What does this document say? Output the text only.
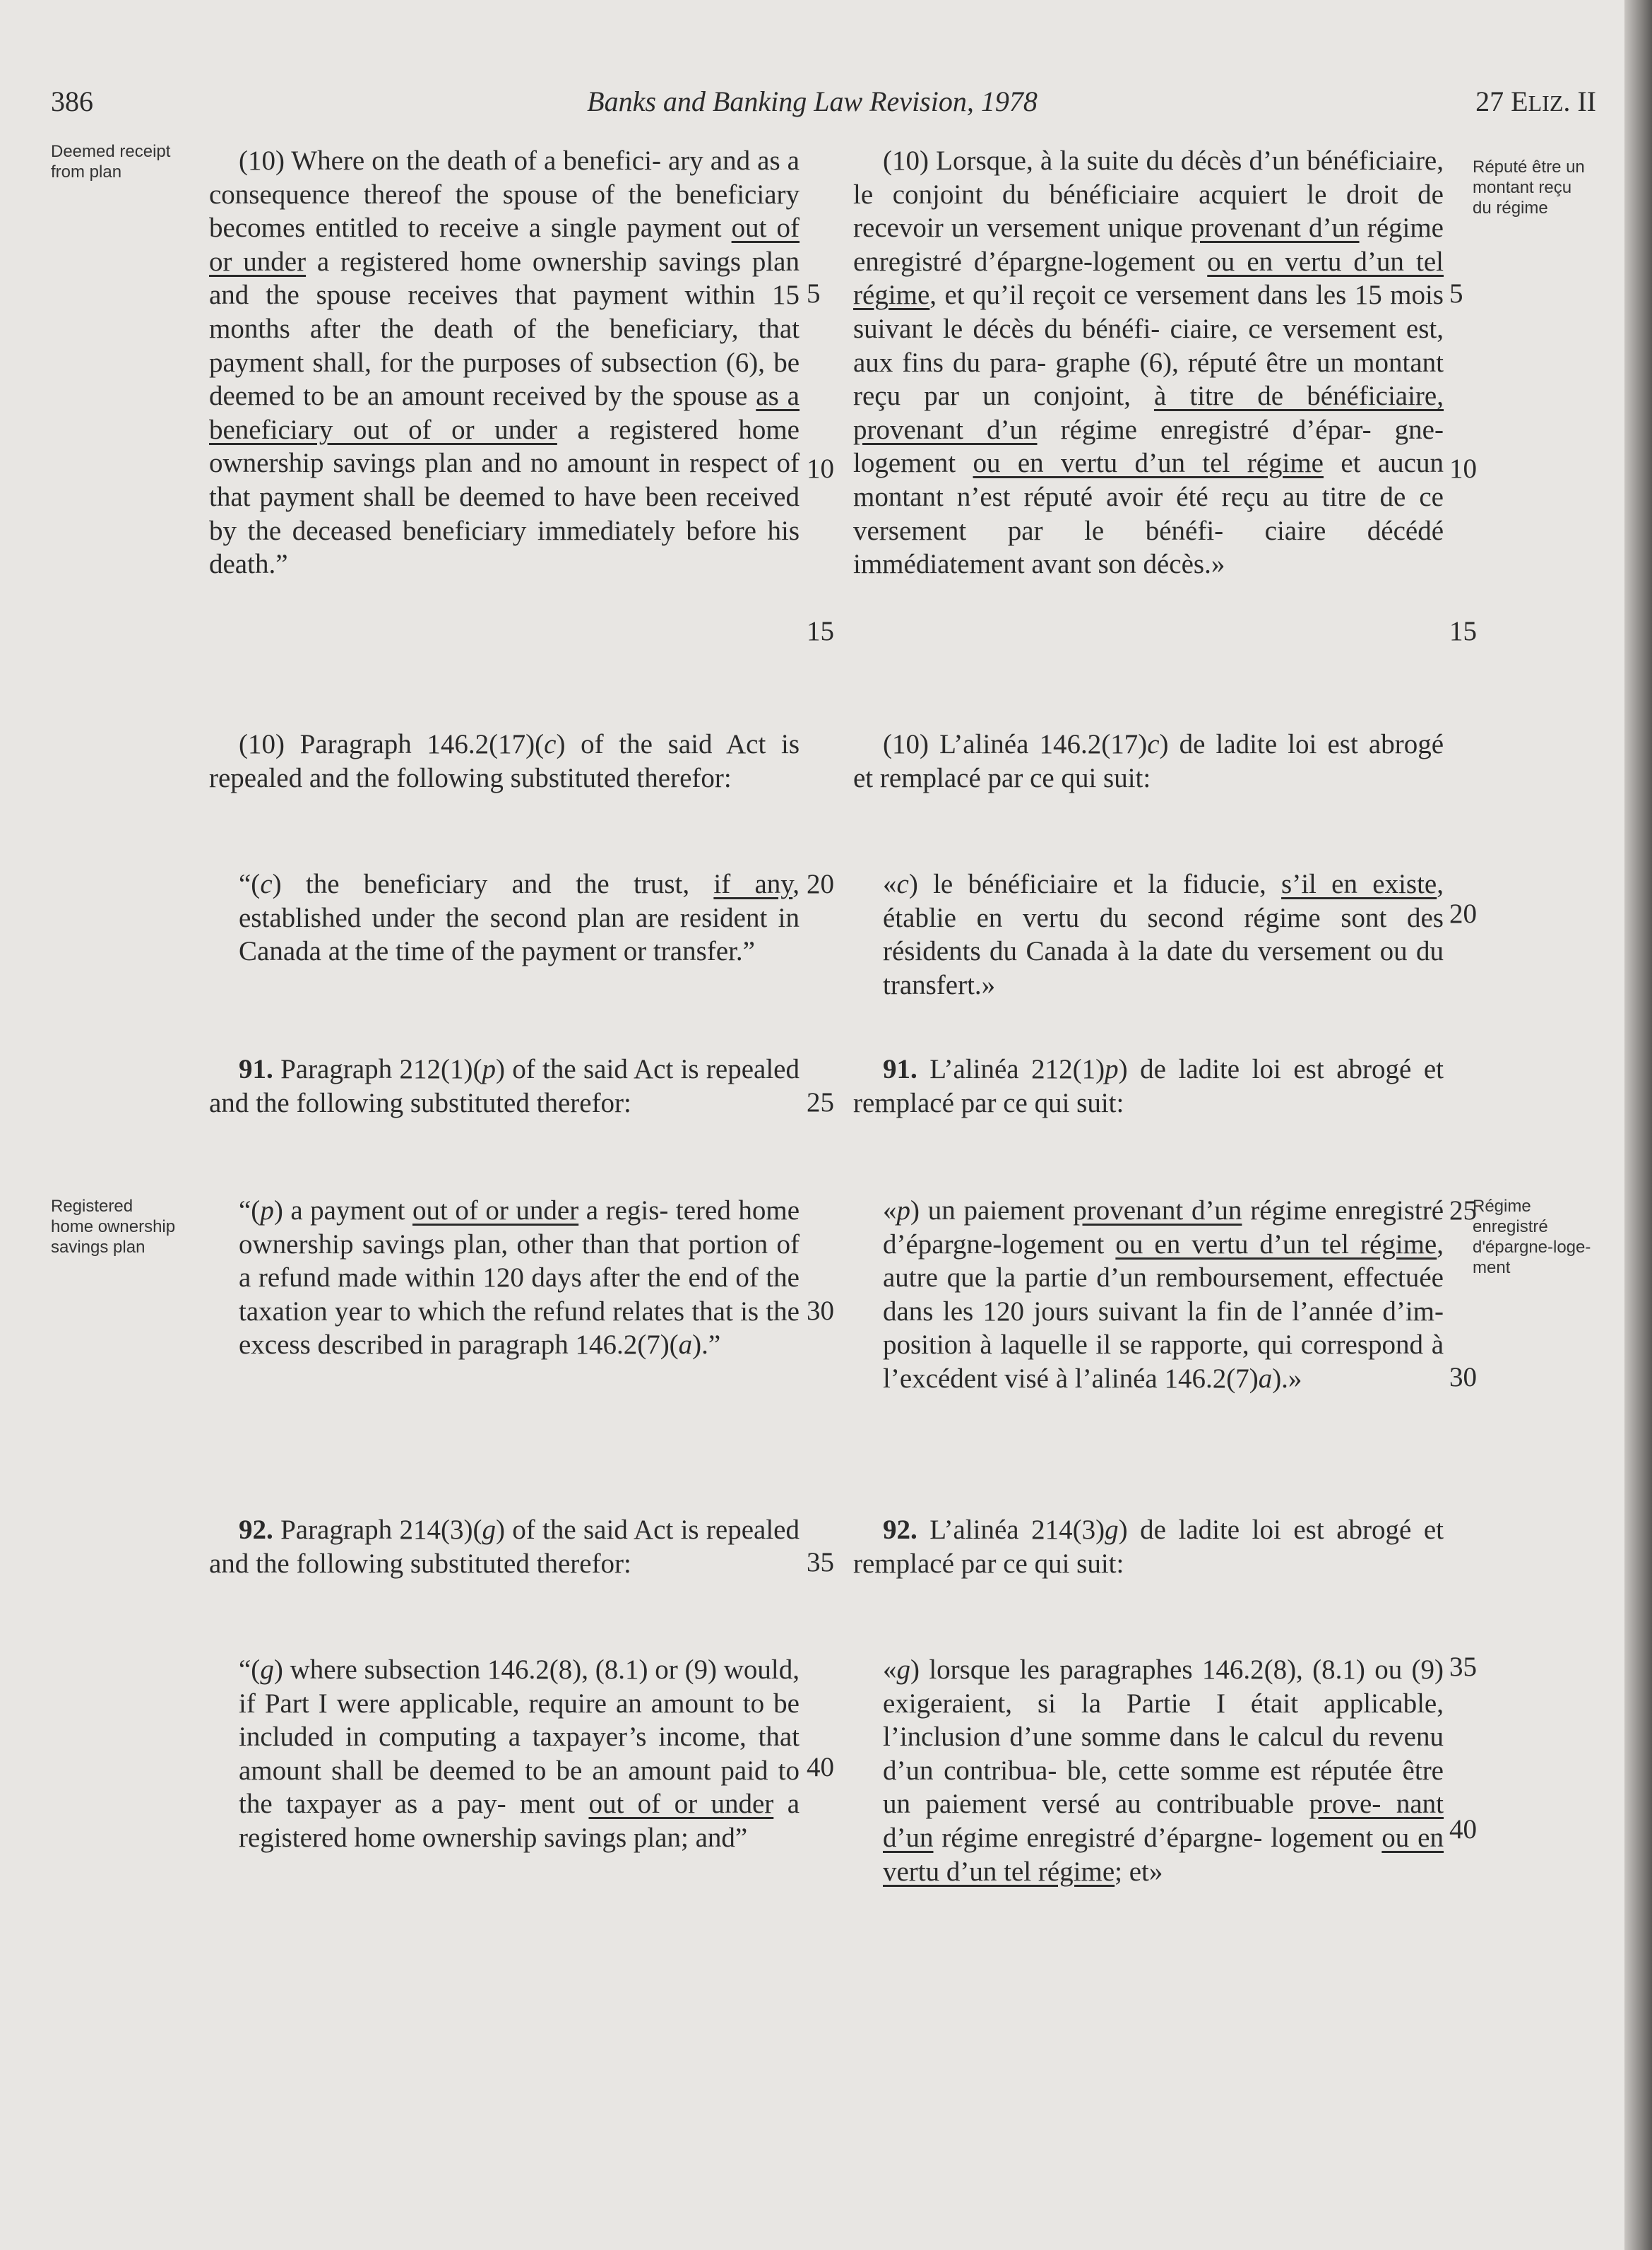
386	Banks and Banking Law Revision, 1978	27 ELIZ. II
Deemed receipt
from plan	Réputé être un
montant reçu
du régime
Registered
home ownership
savings plan
Régime
enregistré
d'épargne-loge-
ment
5
10
15
20
25
30
35
40
5
10
15
20
25
30
35
40

(10) Where on the death of a benefici- ary and as a consequence thereof the spouse of the beneficiary becomes entitled to receive a single payment out of or under a registered home ownership savings plan and the spouse receives that payment within 15 months after the death of the beneficiary, that payment shall, for the purposes of subsection (6), be deemed to be an amount received by the spouse as a beneficiary out of or under a registered home ownership savings plan and no amount in respect of that payment shall be deemed to have been received by the deceased beneficiary immediately before his death.”

(10) Paragraph 146.2(17)(c) of the said Act is repealed and the following substituted therefor:

“(c) the beneficiary and the trust, if any, established under the second plan are resident in Canada at the time of the payment or transfer.”

91. Paragraph 212(1)(p) of the said Act is repealed and the following substituted therefor:

“(p) a payment out of or under a regis- tered home ownership savings plan, other than that portion of a refund made within 120 days after the end of the taxation year to which the refund relates that is the excess described in paragraph 146.2(7)(a).”

92. Paragraph 214(3)(g) of the said Act is repealed and the following substituted therefor:

“(g) where subsection 146.2(8), (8.1) or (9) would, if Part I were applicable, require an amount to be included in computing a taxpayer’s income, that amount shall be deemed to be an amount paid to the taxpayer as a pay- ment out of or under a registered home ownership savings plan; and”

(10) Lorsque, à la suite du décès d’un bénéficiaire, le conjoint du bénéficiaire acquiert le droit de recevoir un versement unique provenant d’un régime enregistré d’épargne-logement ou en vertu d’un tel régime, et qu’il reçoit ce versement dans les 15 mois suivant le décès du bénéfi- ciaire, ce versement est, aux fins du para- graphe (6), réputé être un montant reçu par un conjoint, à titre de bénéficiaire, provenant d’un régime enregistré d’épar- gne-logement ou en vertu d’un tel régime et aucun montant n’est réputé avoir été reçu au titre de ce versement par le bénéfi- ciaire décédé immédiatement avant son décès.»

(10) L’alinéa 146.2(17)c) de ladite loi est abrogé et remplacé par ce qui suit:

«c) le bénéficiaire et la fiducie, s’il en existe, établie en vertu du second régime sont des résidents du Canada à la date du versement ou du transfert.»

91. L’alinéa 212(1)p) de ladite loi est abrogé et remplacé par ce qui suit:

«p) un paiement provenant d’un régime enregistré d’épargne-logement ou en vertu d’un tel régime, autre que la partie d’un remboursement, effectuée dans les 120 jours suivant la fin de l’année d’im- position à laquelle il se rapporte, qui correspond à l’excédent visé à l’alinéa 146.2(7)a).»

92. L’alinéa 214(3)g) de ladite loi est abrogé et remplacé par ce qui suit:

«g) lorsque les paragraphes 146.2(8), (8.1) ou (9) exigeraient, si la Partie I était applicable, l’inclusion d’une somme dans le calcul du revenu d’un contribua- ble, cette somme est réputée être un paiement versé au contribuable prove- nant d’un régime enregistré d’épargne- logement ou en vertu d’un tel régime; et»
